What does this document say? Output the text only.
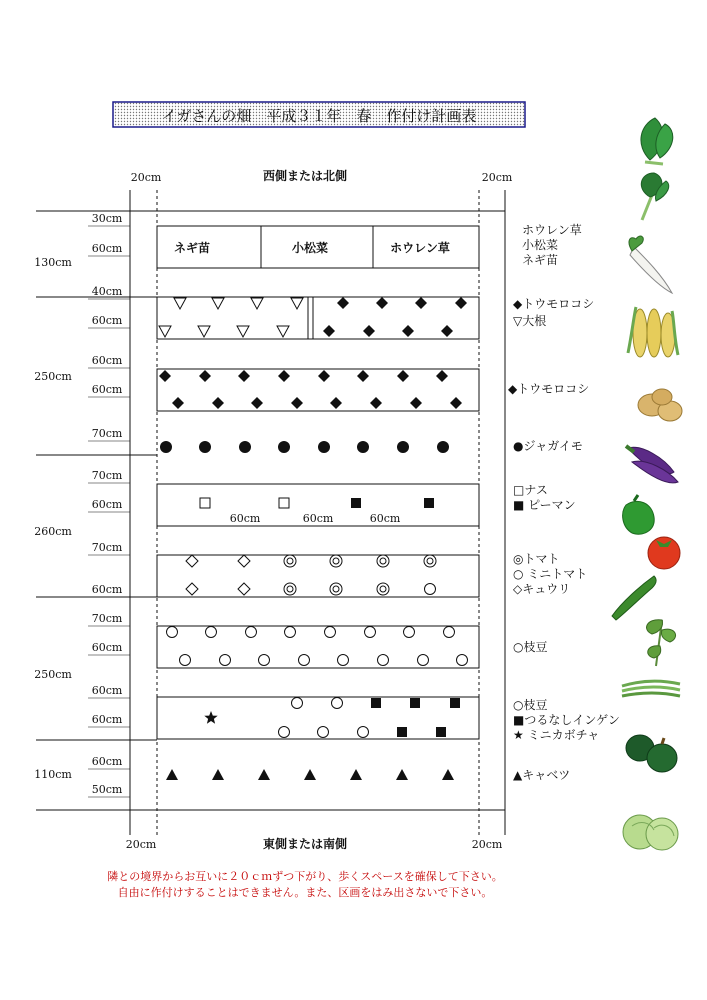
イガさんの畑　平成３１年　春　作付け計画表
西側または北側
東側または南側
20cm	20cm
20cm	20cm
130cm
250cm
260cm
250cm
110cm
30cm
60cm
40cm
60cm
60cm
60cm
70cm
70cm
60cm
70cm
60cm
70cm
60cm
60cm
60cm
60cm
50cm
ネギ苗	小松菜	ホウレン草
60cm	60cm	60cm
ホウレン草
小松菜
ネギ苗
◆トウモロコシ
▽大根
◆トウモロコシ
●ジャガイモ
□ナス
■ ピーマン
◎トマト
○ ミニトマト
◇キュウリ
○枝豆
○枝豆
■つるなしインゲン
★ ミニカボチャ
▲キャベツ
隣との境界からお互いに２０ｃｍずつ下がり、歩くスペースを確保して下さい。
自由に作付けすることはできません。また、区画をはみ出さないで下さい。
